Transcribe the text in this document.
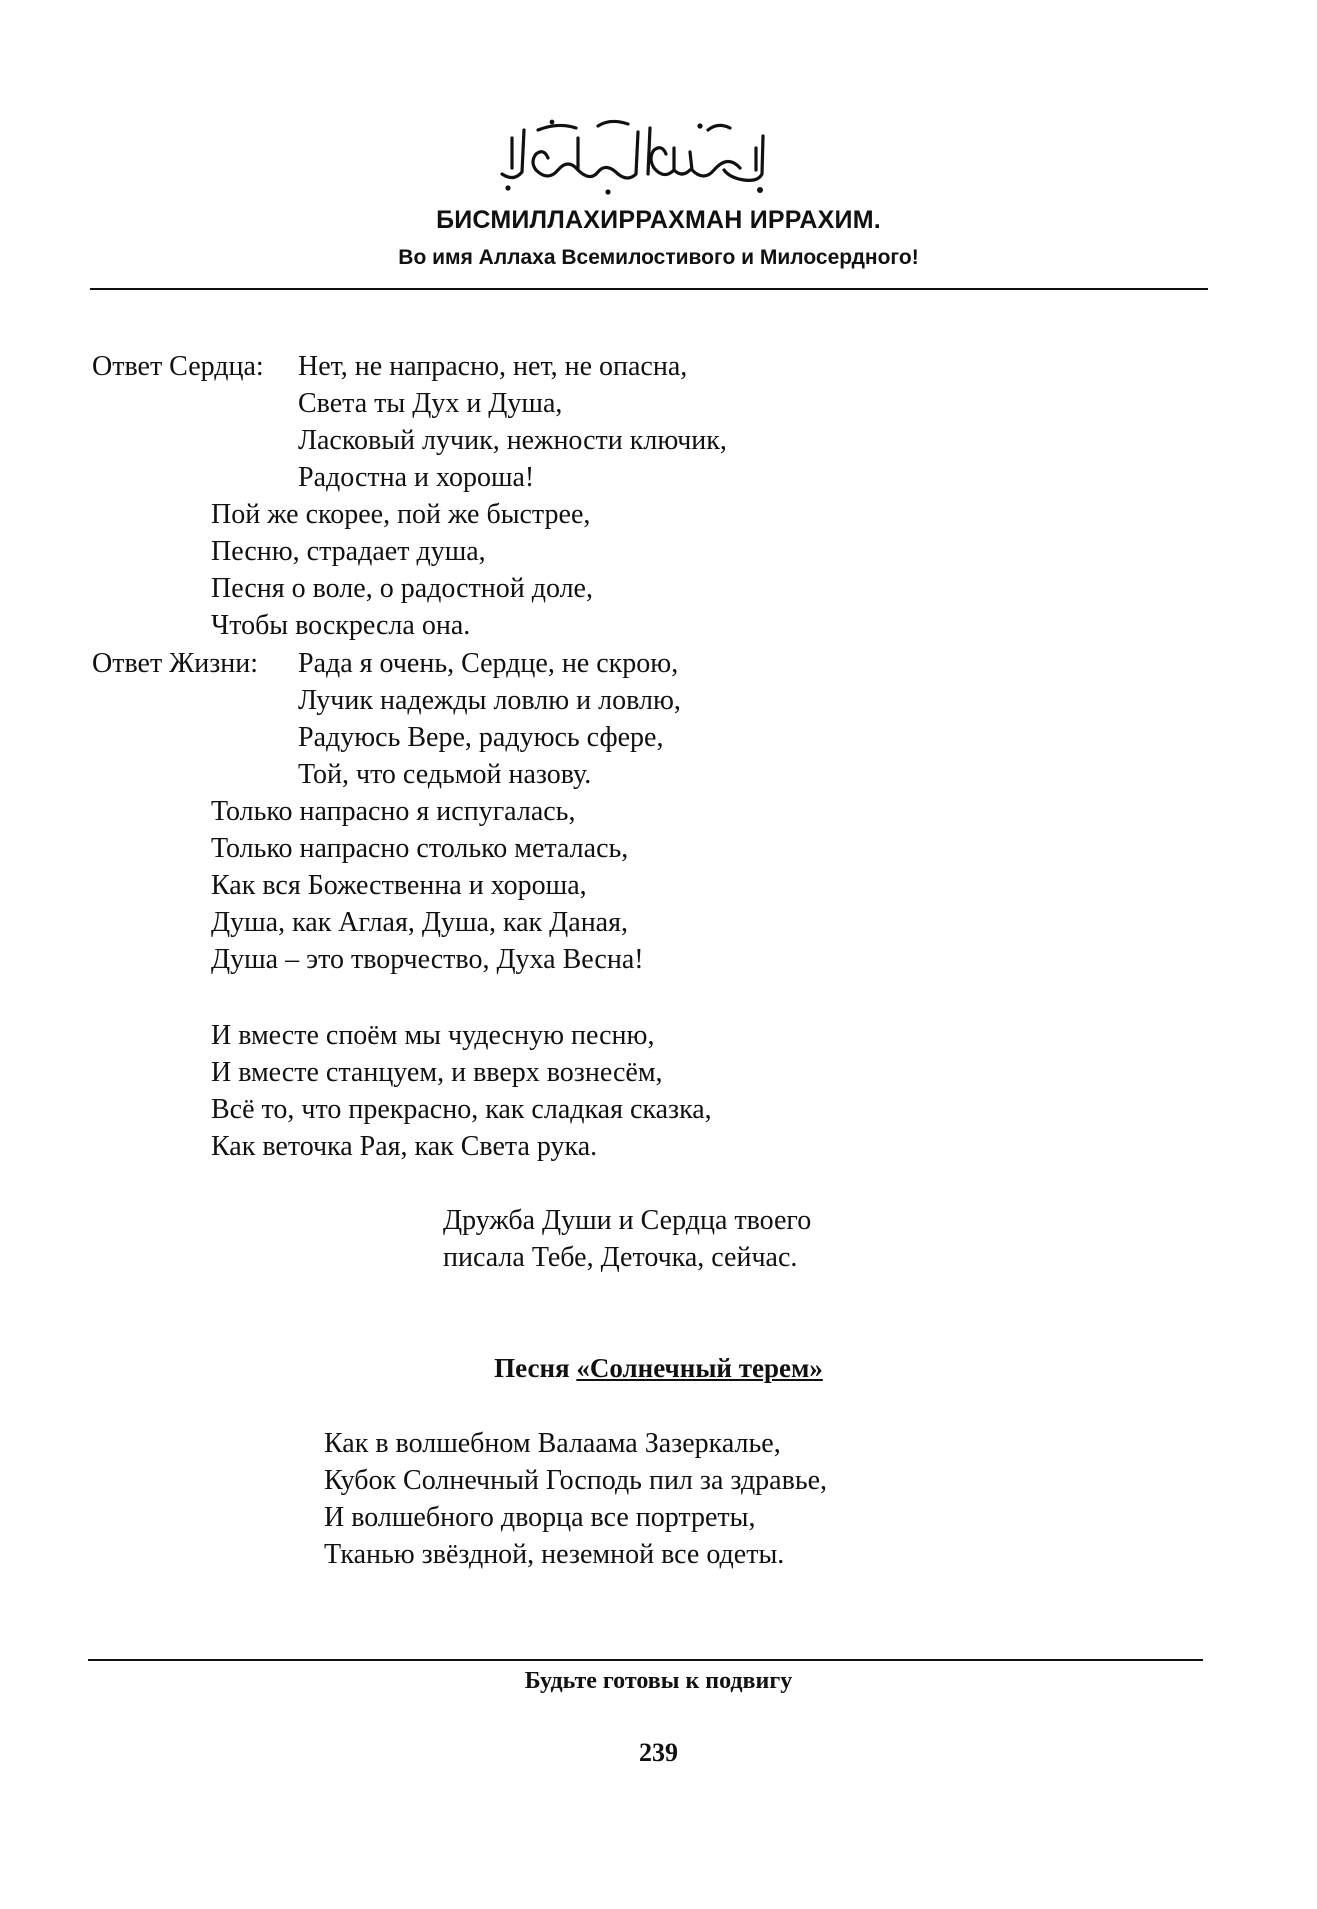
БИСМИЛЛАХИРРАХМАН ИРРАХИМ.
Во имя Аллаха Всемилостивого и Милосердного!
Ответ Сердца: Нет, не напрасно, нет, не опасна,
Света ты Дух и Душа,
Ласковый лучик, нежности ключик,
Радостна и хороша!
Пой же скорее, пой же быстрее,
Песню, страдает душа,
Песня о воле, о радостной доле,
Чтобы воскресла она.
Ответ Жизни: Рада я очень, Сердце, не скрою,
Лучик надежды ловлю и ловлю,
Радуюсь Вере, радуюсь сфере,
Той, что седьмой назову.
Только напрасно я испугалась,
Только напрасно столько металась,
Как вся Божественна и хороша,
Душа, как Аглая, Душа, как Даная,
Душа – это творчество, Духа Весна!
И вместе споём мы чудесную песню,
И вместе станцуем, и вверх вознесём,
Всё то, что прекрасно, как сладкая сказка,
Как веточка Рая, как Света рука.
Дружба Души и Сердца твоего
писала Тебе, Деточка, сейчас.
Песня «Солнечный терем»
Как в волшебном Валаама Зазеркалье,
Кубок Солнечный Господь пил за здравье,
И волшебного дворца все портреты,
Тканью звёздной, неземной все одеты.
Будьте готовы к подвигу
239
